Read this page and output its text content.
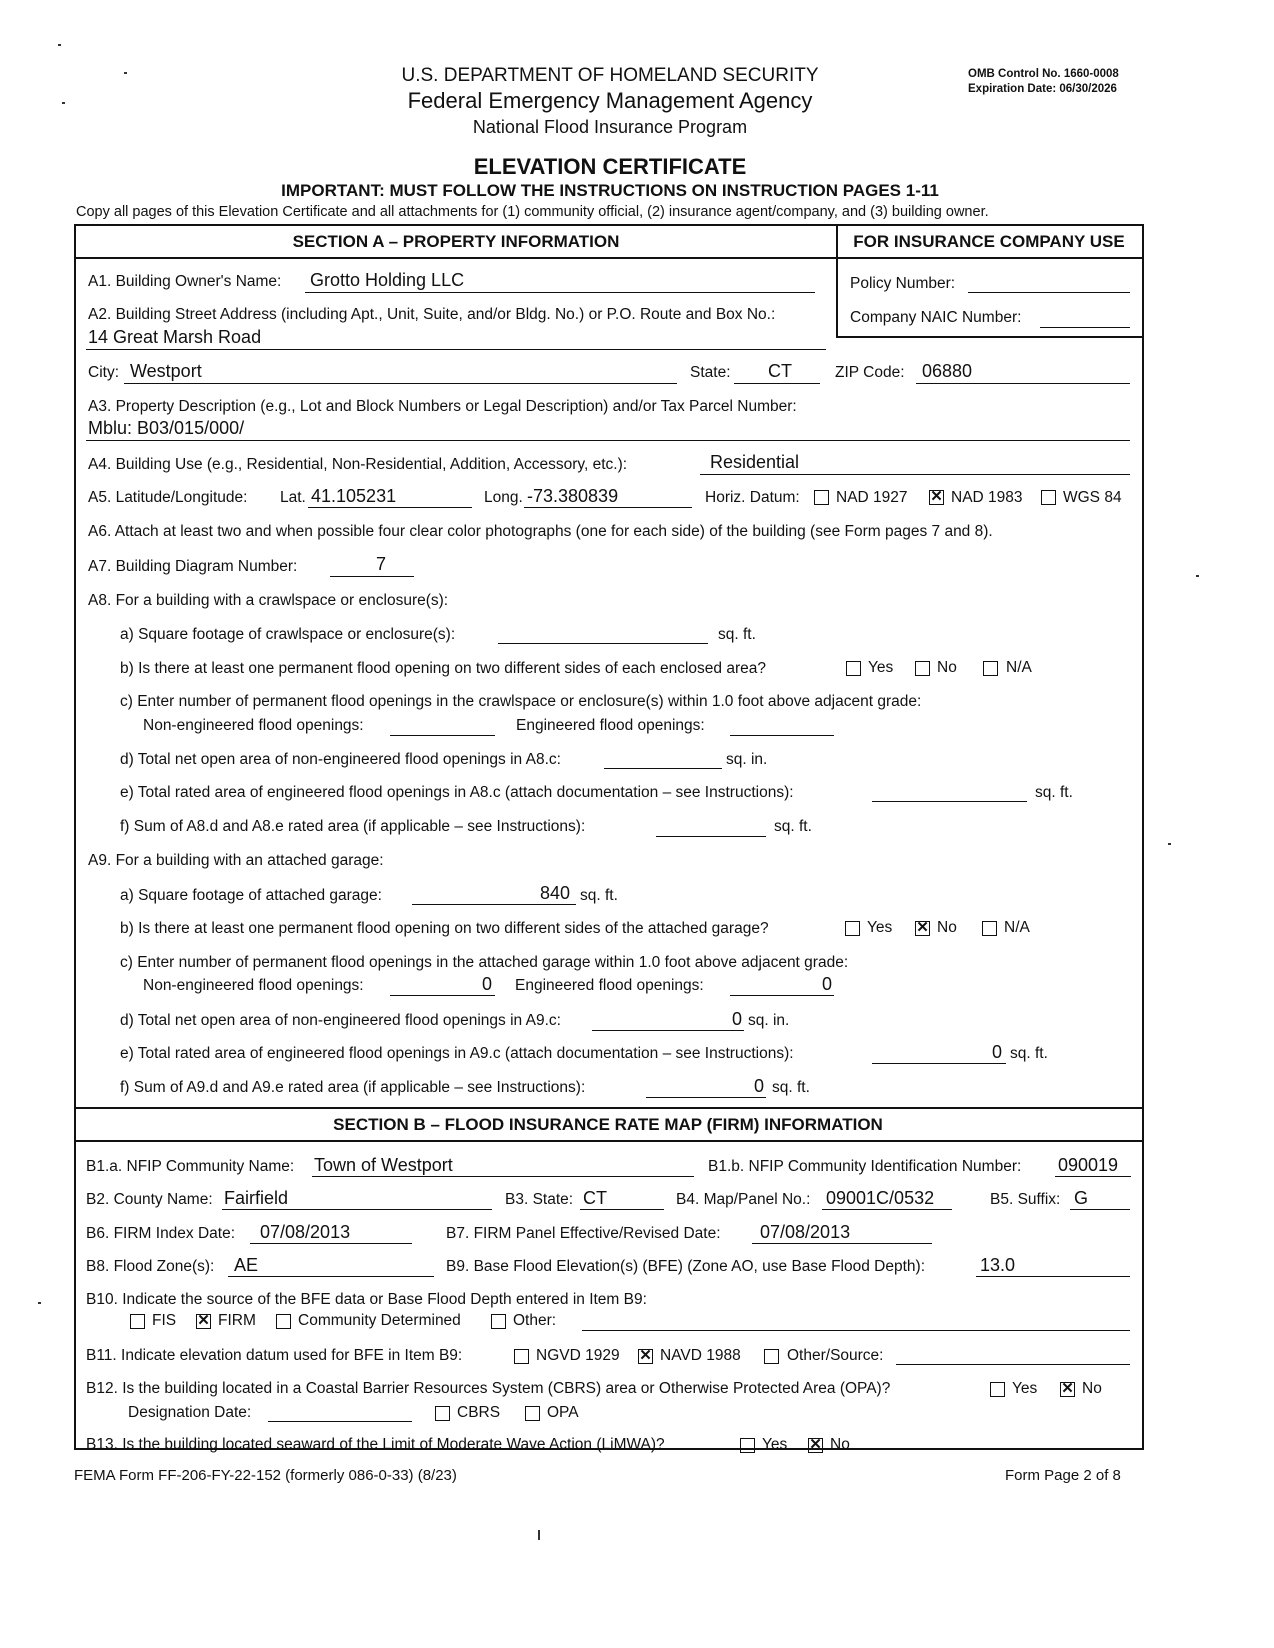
U.S. DEPARTMENT OF HOMELAND SECURITY
Federal Emergency Management Agency
National Flood Insurance Program
OMB Control No. 1660-0008
Expiration Date: 06/30/2026
ELEVATION CERTIFICATE
IMPORTANT: MUST FOLLOW THE INSTRUCTIONS ON INSTRUCTION PAGES 1-11
Copy all pages of this Elevation Certificate and all attachments for (1) community official, (2) insurance agent/company, and (3) building owner.
SECTION A – PROPERTY INFORMATION	FOR INSURANCE COMPANY USE
Policy Number:
Company NAIC Number:
A1. Building Owner's Name: Grotto Holding LLC
A2. Building Street Address (including Apt., Unit, Suite, and/or Bldg. No.) or P.O. Route and Box No.:
14 Great Marsh Road
City: Westport	State: CT	ZIP Code: 06880
A3. Property Description (e.g., Lot and Block Numbers or Legal Description) and/or Tax Parcel Number:
Mblu: B03/015/000/
A4. Building Use (e.g., Residential, Non-Residential, Addition, Accessory, etc.):	Residential
A5. Latitude/Longitude: Lat. 41.105231	Long. -73.380839	Horiz. Datum: NAD 1927 ✕ NAD 1983	WGS 84
A6. Attach at least two and when possible four clear color photographs (one for each side) of the building (see Form pages 7 and 8).
A7. Building Diagram Number:	7
A8. For a building with a crawlspace or enclosure(s):
a) Square footage of crawlspace or enclosure(s):	sq. ft.
b) Is there at least one permanent flood opening on two different sides of each enclosed area?	Yes	No	N/A
c) Enter number of permanent flood openings in the crawlspace or enclosure(s) within 1.0 foot above adjacent grade:
Non-engineered flood openings:	Engineered flood openings:
d) Total net open area of non-engineered flood openings in A8.c:	sq. in.
e) Total rated area of engineered flood openings in A8.c (attach documentation – see Instructions):	sq. ft.
f) Sum of A8.d and A8.e rated area (if applicable – see Instructions):	sq. ft.
A9. For a building with an attached garage:
a) Square footage of attached garage:	840 sq. ft.
b) Is there at least one permanent flood opening on two different sides of the attached garage?	Yes ✕ No	N/A
c) Enter number of permanent flood openings in the attached garage within 1.0 foot above adjacent grade:
Non-engineered flood openings:	0 Engineered flood openings:	0
d) Total net open area of non-engineered flood openings in A9.c:	0 sq. in.
e) Total rated area of engineered flood openings in A9.c (attach documentation – see Instructions):	0 sq. ft.
f) Sum of A9.d and A9.e rated area (if applicable – see Instructions):	0 sq. ft.
SECTION B – FLOOD INSURANCE RATE MAP (FIRM) INFORMATION
B1.a. NFIP Community Name: Town of Westport	B1.b. NFIP Community Identification Number: 090019
B2. County Name: Fairfield	B3. State: CT	B4. Map/Panel No.: 09001C/0532	B5. Suffix: G
B6. FIRM Index Date: 07/08/2013	B7. FIRM Panel Effective/Revised Date: 07/08/2013
B8. Flood Zone(s): AE	B9. Base Flood Elevation(s) (BFE) (Zone AO, use Base Flood Depth):	13.0
B10. Indicate the source of the BFE data or Base Flood Depth entered in Item B9:
FIS ✕ FIRM	Community Determined	Other:
B11. Indicate elevation datum used for BFE in Item B9:	NGVD 1929 ✕ NAVD 1988	Other/Source:
B12. Is the building located in a Coastal Barrier Resources System (CBRS) area or Otherwise Protected Area (OPA)?	Yes ✕ No
Designation Date:	CBRS	OPA
B13. Is the building located seaward of the Limit of Moderate Wave Action (LiMWA)?	Yes ✕ No
FEMA Form FF-206-FY-22-152 (formerly 086-0-33) (8/23)	Form Page 2 of 8
